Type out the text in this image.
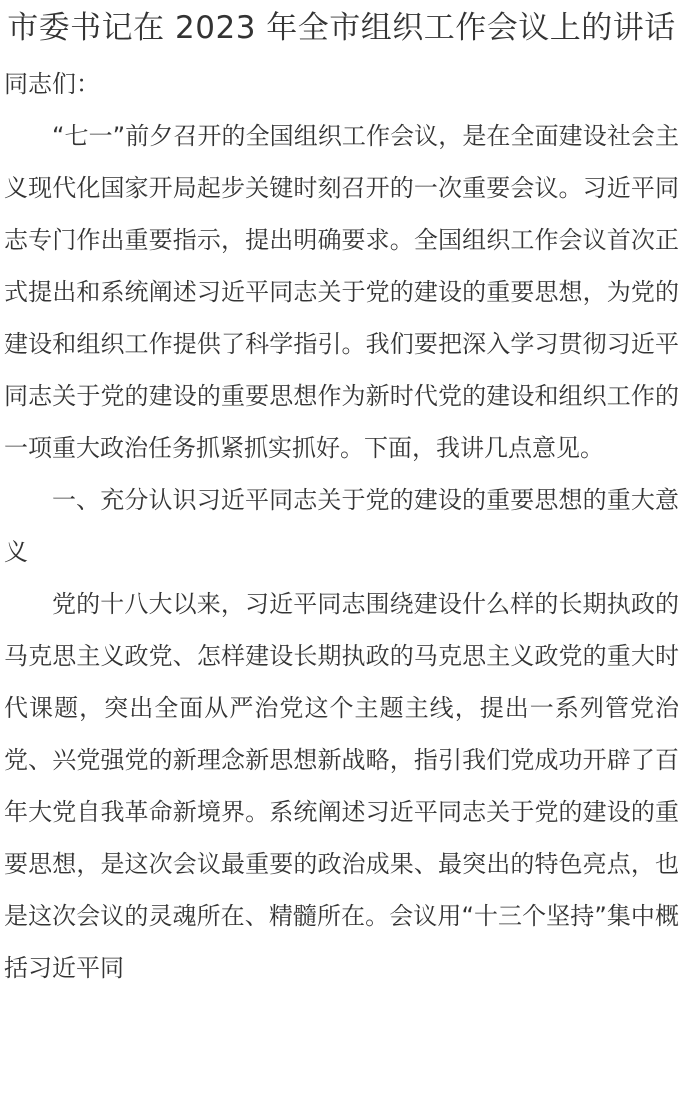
市委书记在 2023 年全市组织工作会议上的讲话

同志们：

“七一”前夕召开的全国组织工作会议，是在全面建设社会主义现代化国家开局起步关键时刻召开的一次重要会议。习近平同志专门作出重要指示，提出明确要求。全国组织工作会议首次正式提出和系统阐述习近平同志关于党的建设的重要思想，为党的建设和组织工作提供了科学指引。我们要把深入学习贯彻习近平同志关于党的建设的重要思想作为新时代党的建设和组织工作的一项重大政治任务抓紧抓实抓好。下面，我讲几点意见。

一、充分认识习近平同志关于党的建设的重要思想的重大意义

党的十八大以来，习近平同志围绕建设什么样的长期执政的马克思主义政党、怎样建设长期执政的马克思主义政党的重大时代课题，突出全面从严治党这个主题主线，提出一系列管党治党、兴党强党的新理念新思想新战略，指引我们党成功开辟了百年大党自我革命新境界。系统阐述习近平同志关于党的建设的重要思想，是这次会议最重要的政治成果、最突出的特色亮点，也是这次会议的灵魂所在、精髓所在。会议用“十三个坚持”集中概括习近平同
